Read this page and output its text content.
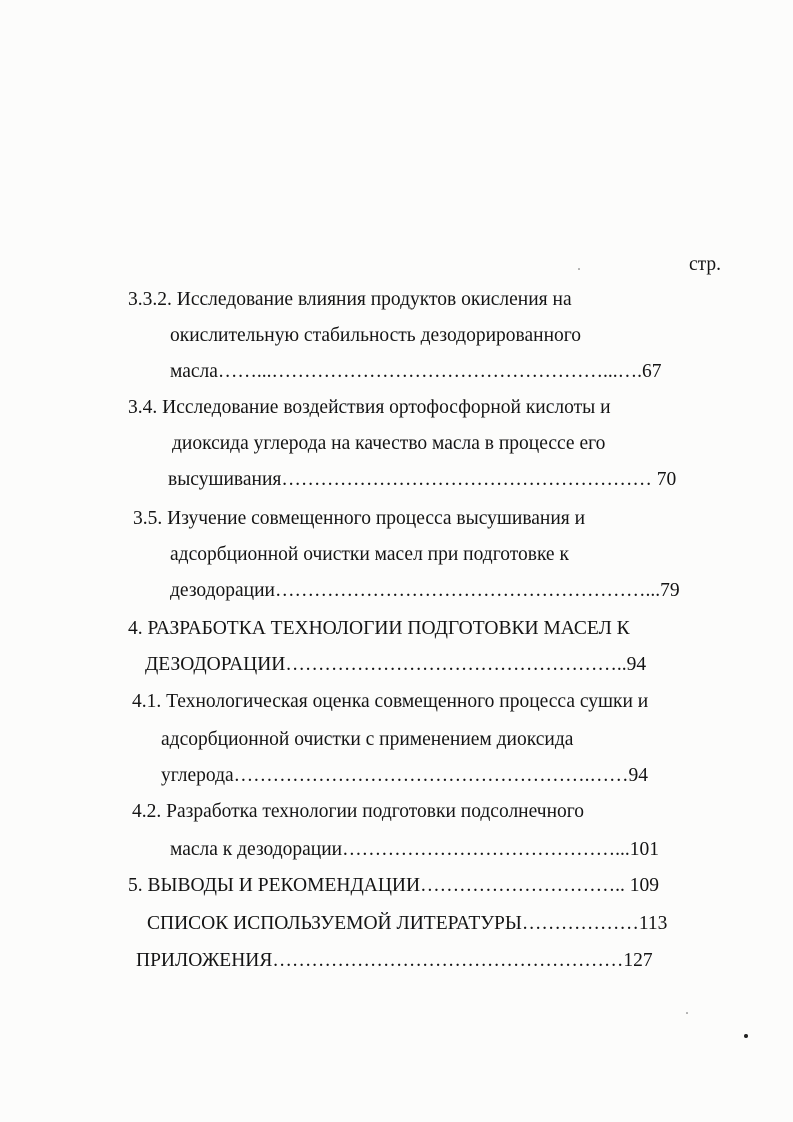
стр.
3.3.2. Исследование влияния продуктов окисления на
окислительную стабильность дезодорированного
масла……...……………………………………………...….67
3.4. Исследование воздействия ортофосфорной кислоты и
диоксида углерода на качество масла в процессе его
высушивания………………………………………………… 70
3.5. Изучение совмещенного процесса высушивания и
адсорбционной очистки масел при подготовке к
дезодорации…………………………………………………...79
4. РАЗРАБОТКА ТЕХНОЛОГИИ ПОДГОТОВКИ МАСЕЛ К
ДЕЗОДОРАЦИИ……………………………………………..94
4.1. Технологическая оценка совмещенного процесса сушки и
адсорбционной очистки с применением диоксида
углерода……………………………………………….……94
4.2. Разработка технологии подготовки подсолнечного
масла к дезодорации……………………………………...101
5. ВЫВОДЫ И РЕКОМЕНДАЦИИ………………………….. 109
СПИСОК ИСПОЛЬЗУЕМОЙ ЛИТЕРАТУРЫ………………113
ПРИЛОЖЕНИЯ………………………………………………127
